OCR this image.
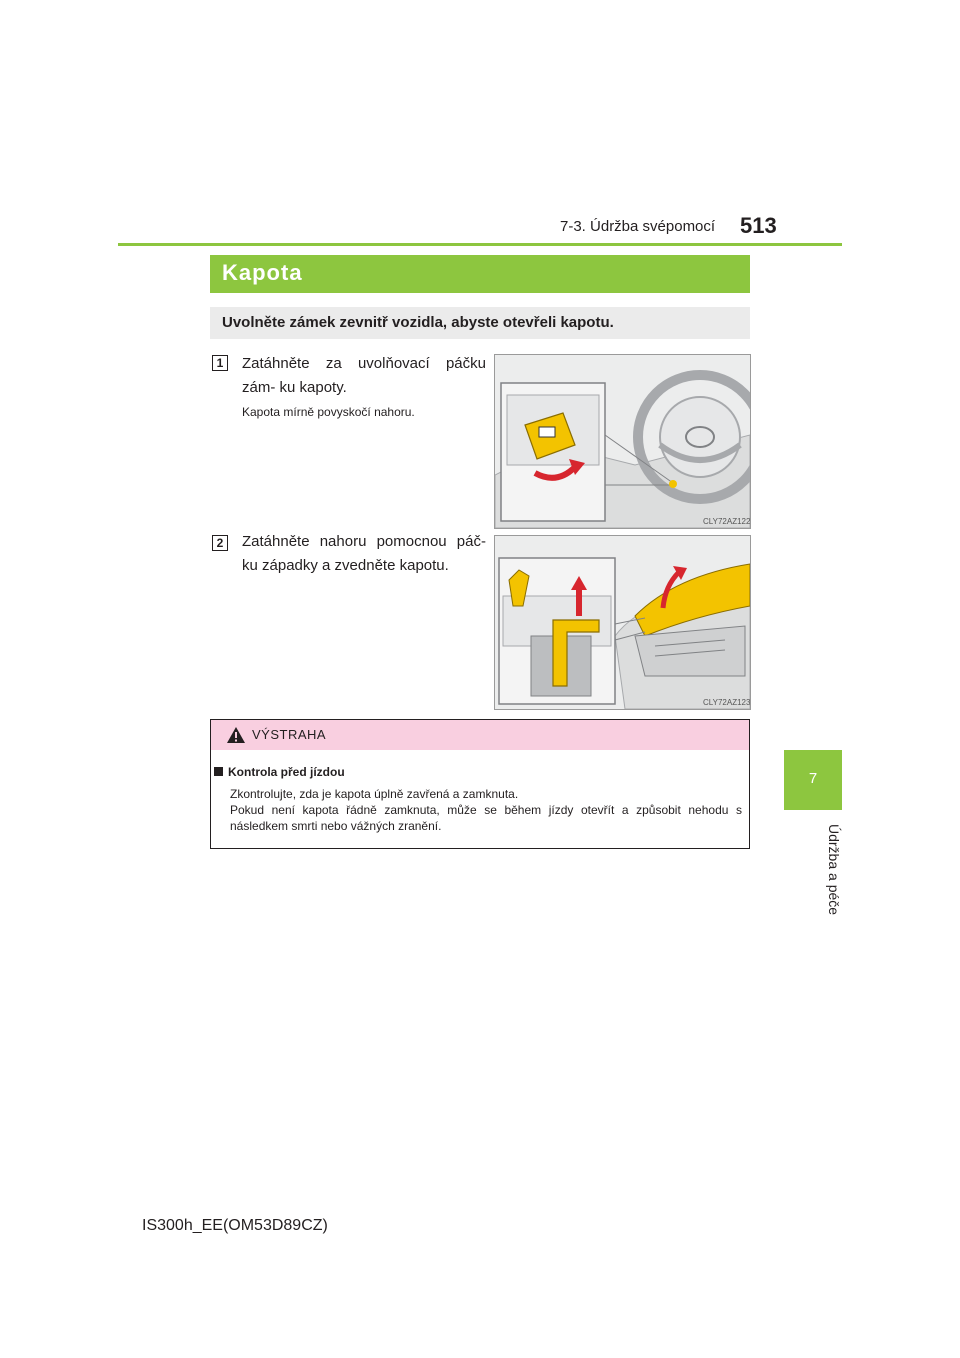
7-3. Údržba svépomocí 513
7
Údržba a péče
Kapota
Uvolněte zámek zevnitř vozidla, abyste otevřeli kapotu.
1	Zatáhněte za uvolňovací páčku zám- ku kapoty.
Kapota mírně povyskočí nahoru.
CLY72AZ122
2	Zatáhněte nahoru pomocnou páč- ku západky a zvedněte kapotu.
CLY72AZ123
VÝSTRAHA
Kontrola před jízdou
Zkontrolujte, zda je kapota úplně zavřená a zamknuta.
Pokud není kapota řádně zamknuta, může se během jízdy otevřít a způsobit nehodu s následkem smrti nebo vážných zranění.
IS300h_EE(OM53D89CZ)
